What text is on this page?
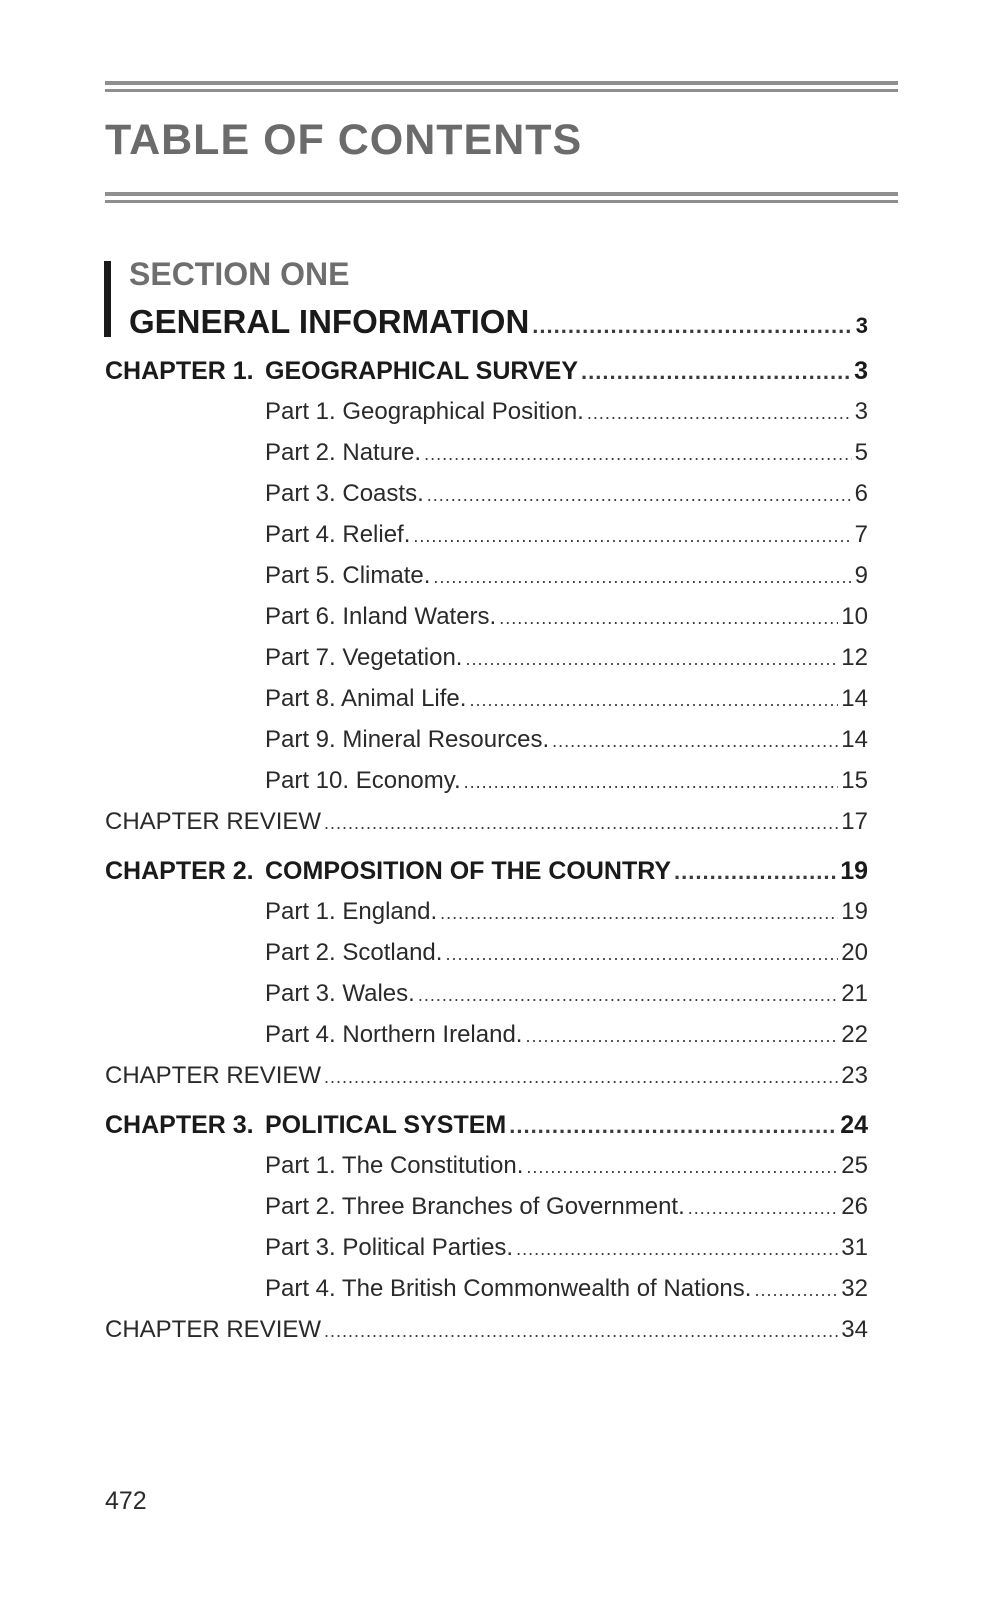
TABLE OF CONTENTS
SECTION ONE
GENERAL INFORMATION .....	3
CHAPTER 1. GEOGRAPHICAL SURVEY .....	3
Part 1. Geographical Position. .....	3
Part 2. Nature. .....	5
Part 3. Coasts. .....	6
Part 4. Relief. .....	7
Part 5. Climate. .....	9
Part 6. Inland Waters. .....	10
Part 7. Vegetation. .....	12
Part 8. Animal Life. .....	14
Part 9. Mineral Resources. .....	14
Part 10. Economy. .....	15
CHAPTER REVIEW .....	17
CHAPTER 2. COMPOSITION OF THE COUNTRY .....	19
Part 1. England. .....	19
Part 2. Scotland. .....	20
Part 3. Wales. .....	21
Part 4. Northern Ireland. .....	22
CHAPTER REVIEW .....	23
CHAPTER 3. POLITICAL SYSTEM .....	24
Part 1. The Constitution. .....	25
Part 2. Three Branches of Government. .....	26
Part 3. Political Parties. .....	31
Part 4. The British Commonwealth of Nations. .....	32
CHAPTER REVIEW .....	34
472
